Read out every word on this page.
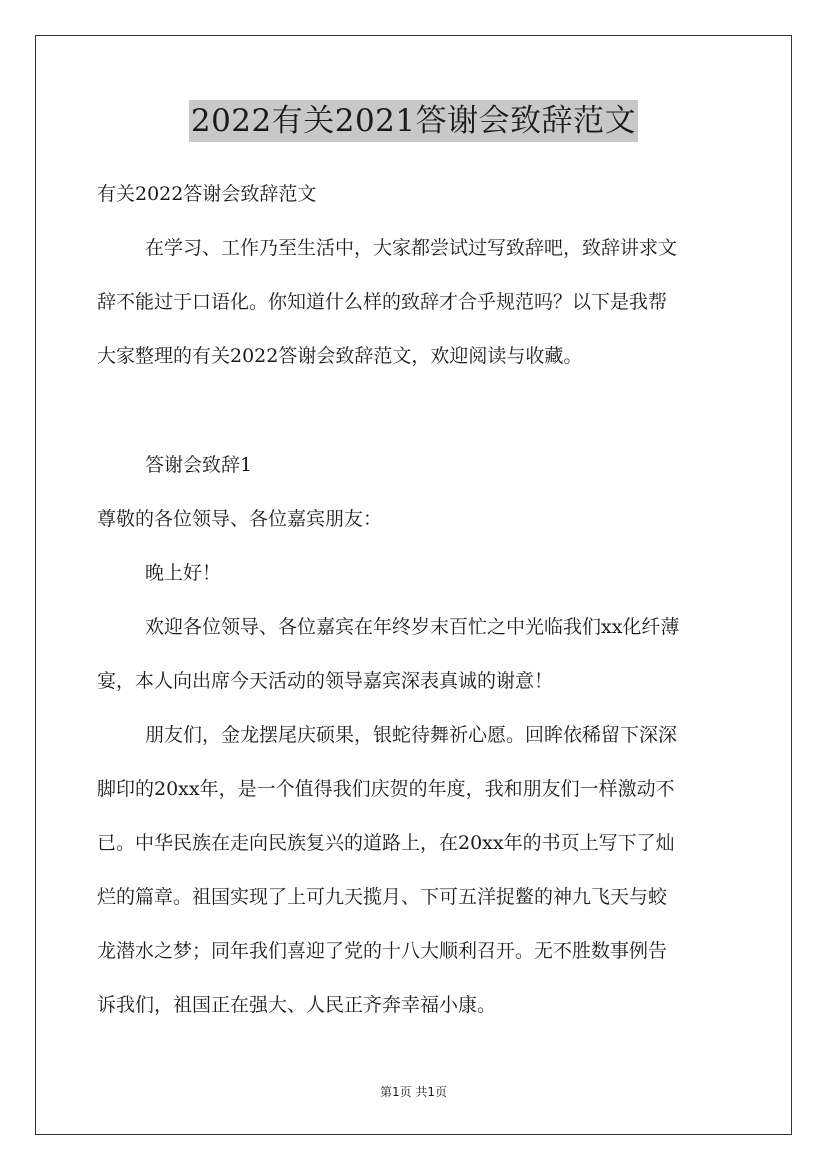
2022有关2021答谢会致辞范文
有关2022答谢会致辞范文
在学习、工作乃至生活中，大家都尝试过写致辞吧，致辞讲求文
辞不能过于口语化。你知道什么样的致辞才合乎规范吗？以下是我帮
大家整理的有关2022答谢会致辞范文，欢迎阅读与收藏。
答谢会致辞1
尊敬的各位领导、各位嘉宾朋友：
晚上好！
欢迎各位领导、各位嘉宾在年终岁末百忙之中光临我们xx化纤薄
宴，本人向出席今天活动的领导嘉宾深表真诚的谢意！
朋友们，金龙摆尾庆硕果，银蛇待舞祈心愿。回眸依稀留下深深
脚印的20xx年，是一个值得我们庆贺的年度，我和朋友们一样激动不
已。中华民族在走向民族复兴的道路上，在20xx年的书页上写下了灿
烂的篇章。祖国实现了上可九天揽月、下可五洋捉鳖的神九飞天与蛟
龙潜水之梦；同年我们喜迎了党的十八大顺利召开。无不胜数事例告
诉我们，祖国正在强大、人民正齐奔幸福小康。
第1页 共1页
